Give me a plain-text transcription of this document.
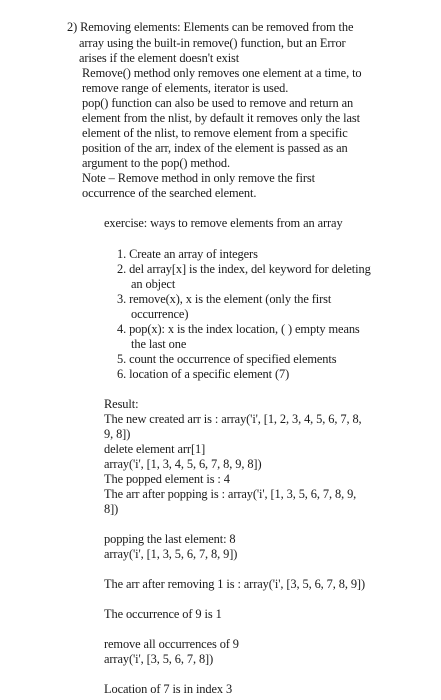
2) Removing elements: Elements can be removed from the
array using the built-in remove() function, but an Error
arises if the element doesn't exist
Remove() method only removes one element at a time, to
remove range of elements, iterator is used.
pop() function can also be used to remove and return an
element from the nlist, by default it removes only the last
element of the nlist, to remove element from a specific
position of the arr, index of the element is passed as an
argument to the pop() method.
Note – Remove method in only remove the first
occurrence of the searched element.
exercise: ways to remove elements from an array
1. Create an array of integers
2. del array[x] is the index, del keyword for deleting
an object
3. remove(x), x is the element (only the first
occurrence)
4. pop(x): x is the index location, ( ) empty means
the last one
5. count the occurrence of specified elements
6. location of a specific element (7)
Result:
The new created arr is : array('i', [1, 2, 3, 4, 5, 6, 7, 8,
9, 8])
delete element arr[1]
array('i', [1, 3, 4, 5, 6, 7, 8, 9, 8])
The popped element is : 4
The arr after popping is : array('i', [1, 3, 5, 6, 7, 8, 9,
8])
popping the last element: 8
array('i', [1, 3, 5, 6, 7, 8, 9])
The arr after removing 1 is : array('i', [3, 5, 6, 7, 8, 9])
The occurrence of 9 is 1
remove all occurrences of 9
array('i', [3, 5, 6, 7, 8])
Location of 7 is in index 3
